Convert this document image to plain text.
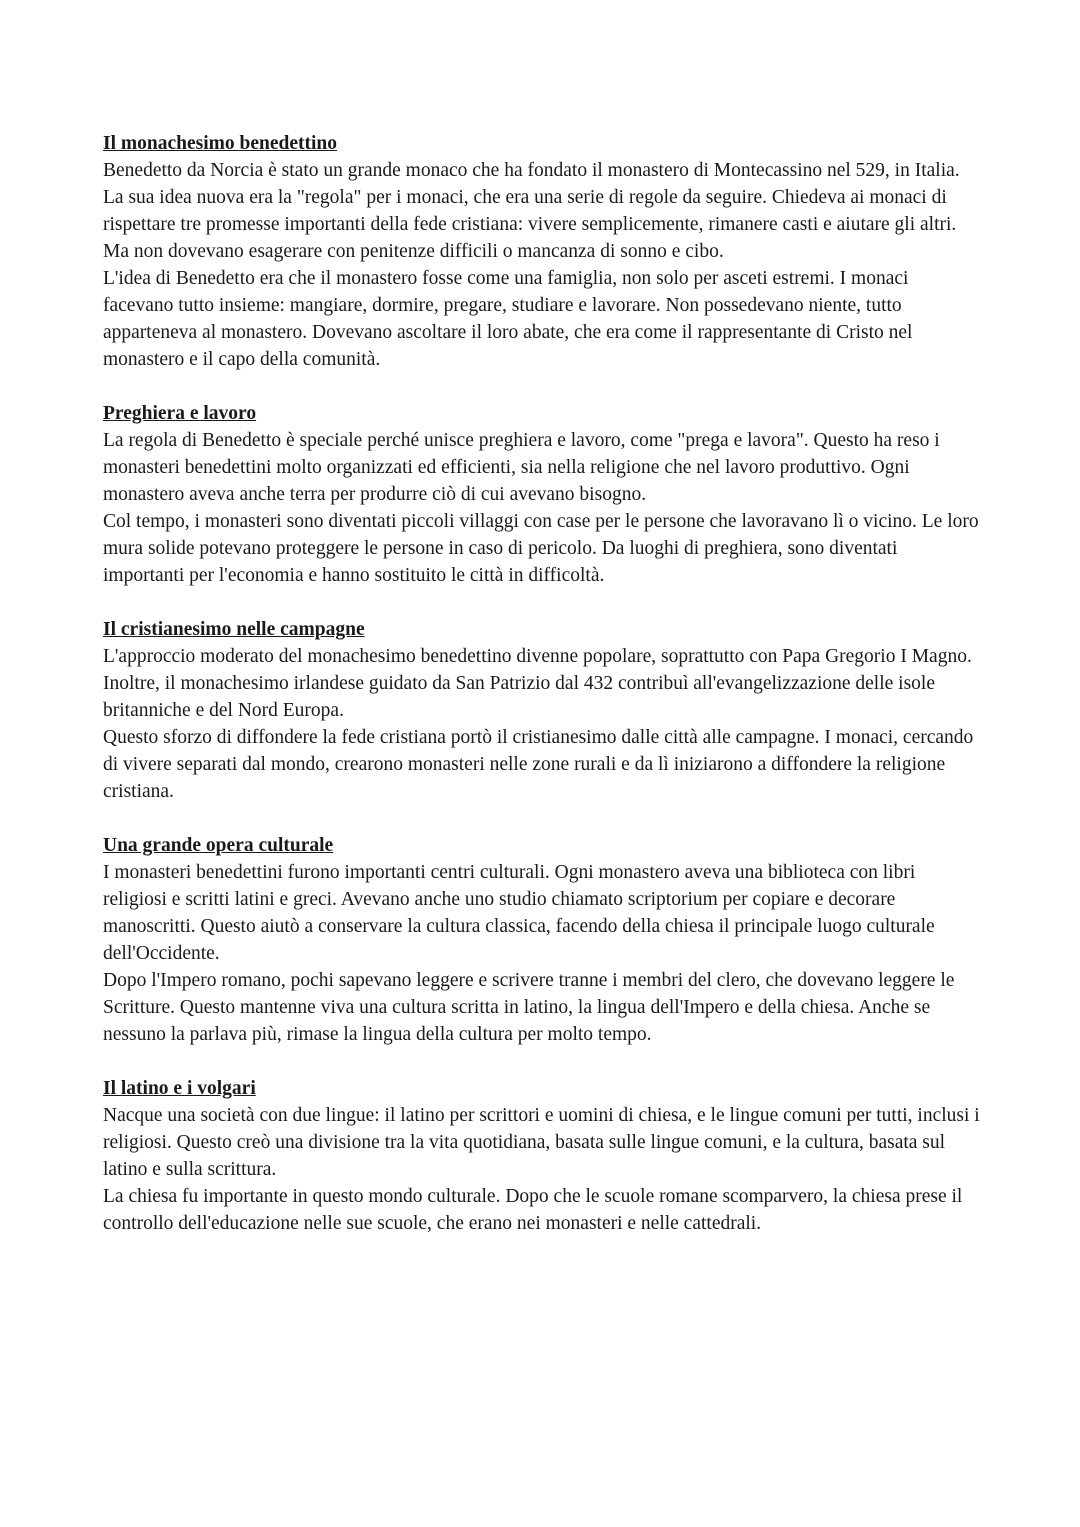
Il monachesimo benedettino

Benedetto da Norcia è stato un grande monaco che ha fondato il monastero di Montecassino nel 529, in Italia.

La sua idea nuova era la "regola" per i monaci, che era una serie di regole da seguire. Chiedeva ai monaci di rispettare tre promesse importanti della fede cristiana: vivere semplicemente, rimanere casti e aiutare gli altri. Ma non dovevano esagerare con penitenze difficili o mancanza di sonno e cibo.

L'idea di Benedetto era che il monastero fosse come una famiglia, non solo per asceti estremi. I monaci facevano tutto insieme: mangiare, dormire, pregare, studiare e lavorare. Non possedevano niente, tutto apparteneva al monastero. Dovevano ascoltare il loro abate, che era come il rappresentante di Cristo nel monastero e il capo della comunità.

Preghiera e lavoro

La regola di Benedetto è speciale perché unisce preghiera e lavoro, come "prega e lavora". Questo ha reso i monasteri benedettini molto organizzati ed efficienti, sia nella religione che nel lavoro produttivo. Ogni monastero aveva anche terra per produrre ciò di cui avevano bisogno.

Col tempo, i monasteri sono diventati piccoli villaggi con case per le persone che lavoravano lì o vicino. Le loro mura solide potevano proteggere le persone in caso di pericolo. Da luoghi di preghiera, sono diventati importanti per l'economia e hanno sostituito le città in difficoltà.

Il cristianesimo nelle campagne

L'approccio moderato del monachesimo benedettino divenne popolare, soprattutto con Papa Gregorio I Magno. Inoltre, il monachesimo irlandese guidato da San Patrizio dal 432 contribuì all'evangelizzazione delle isole britanniche e del Nord Europa.

Questo sforzo di diffondere la fede cristiana portò il cristianesimo dalle città alle campagne. I monaci, cercando di vivere separati dal mondo, crearono monasteri nelle zone rurali e da lì iniziarono a diffondere la religione cristiana.

Una grande opera culturale

I monasteri benedettini furono importanti centri culturali. Ogni monastero aveva una biblioteca con libri religiosi e scritti latini e greci. Avevano anche uno studio chiamato scriptorium per copiare e decorare manoscritti. Questo aiutò a conservare la cultura classica, facendo della chiesa il principale luogo culturale dell'Occidente.

Dopo l'Impero romano, pochi sapevano leggere e scrivere tranne i membri del clero, che dovevano leggere le Scritture. Questo mantenne viva una cultura scritta in latino, la lingua dell'Impero e della chiesa. Anche se nessuno la parlava più, rimase la lingua della cultura per molto tempo.

Il latino e i volgari

Nacque una società con due lingue: il latino per scrittori e uomini di chiesa, e le lingue comuni per tutti, inclusi i religiosi. Questo creò una divisione tra la vita quotidiana, basata sulle lingue comuni, e la cultura, basata sul latino e sulla scrittura.

La chiesa fu importante in questo mondo culturale. Dopo che le scuole romane scomparvero, la chiesa prese il controllo dell'educazione nelle sue scuole, che erano nei monasteri e nelle cattedrali.
